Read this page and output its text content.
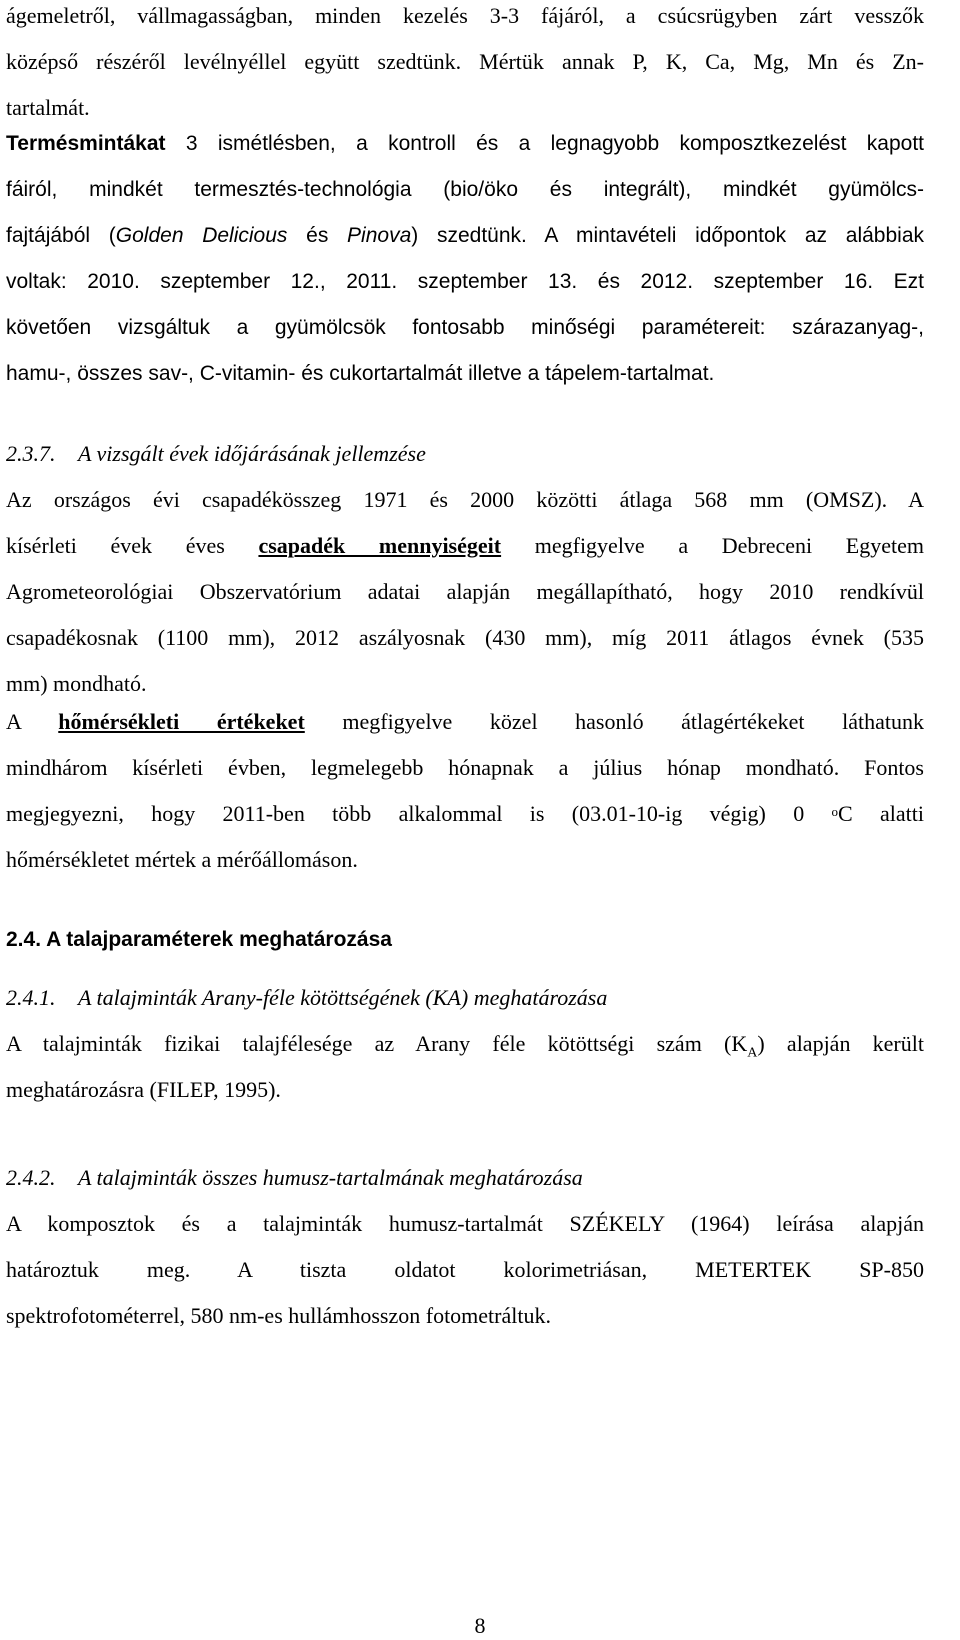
ágemeletről, vállmagasságban, minden kezelés 3-3 fájáról, a csúcsrügyben zárt vesszők
középső részéről levélnyéllel együtt szedtünk. Mértük annak P, K, Ca, Mg, Mn és Zn-
tartalmát.
Termésmintákat 3 ismétlésben, a kontroll és a legnagyobb komposztkezelést kapott
fáiról, mindkét termesztés-technológia (bio/öko és integrált), mindkét gyümölcs-
fajtájából (Golden Delicious és Pinova) szedtünk. A mintavételi időpontok az alábbiak
voltak: 2010. szeptember 12., 2011. szeptember 13. és 2012. szeptember 16. Ezt
követően vizsgáltuk a gyümölcsök fontosabb minőségi paramétereit: szárazanyag-,
hamu-, összes sav-, C-vitamin- és cukortartalmát illetve a tápelem-tartalmat.
2.3.7. A vizsgált évek időjárásának jellemzése
Az országos évi csapadékösszeg 1971 és 2000 közötti átlaga 568 mm (OMSZ). A
kísérleti évek éves csapadék mennyiségeit megfigyelve a Debreceni Egyetem
Agrometeorológiai Obszervatórium adatai alapján megállapítható, hogy 2010 rendkívül
csapadékosnak (1100 mm), 2012 aszályosnak (430 mm), míg 2011 átlagos évnek (535
mm) mondható.
A hőmérsékleti értékeket megfigyelve közel hasonló átlagértékeket láthatunk
mindhárom kísérleti évben, legmelegebb hónapnak a július hónap mondható. Fontos
megjegyezni, hogy 2011-ben több alkalommal is (03.01-10-ig végig) 0 $^o$C alatti
hőmérsékletet mértek a mérőállomáson.
2.4. A talajparaméterek meghatározása
2.4.1. A talajminták Arany-féle kötöttségének (KA) meghatározása
A talajminták fizikai talajfélesége az Arany féle kötöttségi szám $(K_A)$ alapján került
meghatározásra (FILEP, 1995).
2.4.2. A talajminták összes humusz-tartalmának meghatározása
A komposztok és a talajminták humusz-tartalmát SZÉKELY (1964) leírása alapján
határoztuk meg. A tiszta oldatot kolorimetriásan, METERTEK SP-850
spektrofotométerrel, 580 nm-es hullámhosszon fotometráltuk.
8
